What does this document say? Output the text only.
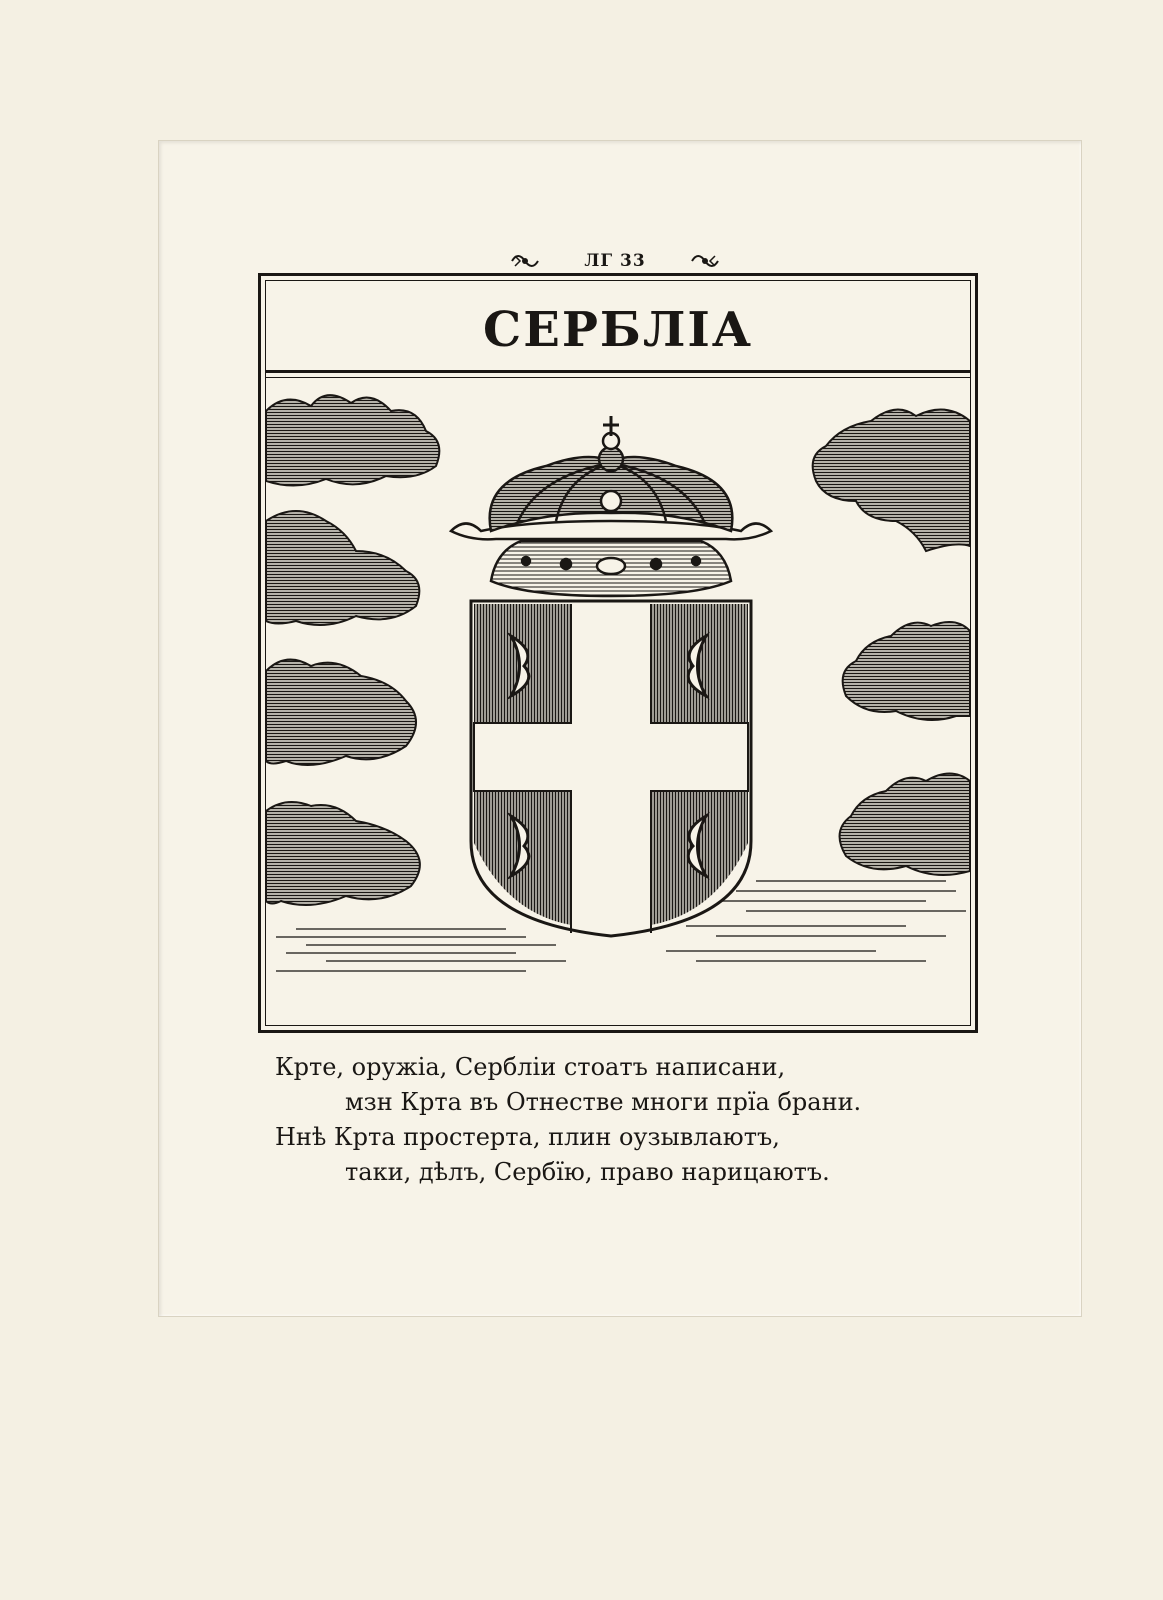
ЛГ 33
СЕРБЛІА
Крте, оружіа, Сербліи стоатъ написани,
мзн Крта въ Отнестве многи прїа брани.
Ннѣ Крта простерта, плин оузывлаютъ,
таки, дѣлъ, Сербїю, право нарицаютъ.
